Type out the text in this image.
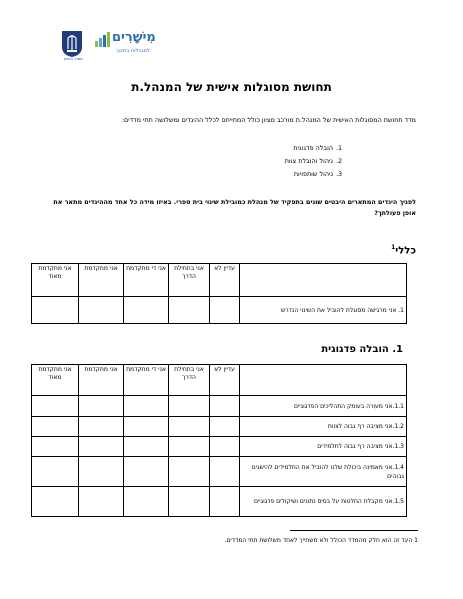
משרד החינוך
מִישָׁרִים
למנהלות בחינוך
תחושת מסוגלות אישית של המנהל.ת
מדד תחושת המסוגלות האישית של המנהל.ת מורכב מציון כולל המתייחס לכלל ההיגדים ומשלושה תתי מדדים:
1.הובלה פדגוגית
2.ניהול והובלת צוות
3.ניהול שותפויות
לפניך היגדים המתארים היבטים שונים בתפקיד של מנהלת כמובילת שינוי בית ספרי. באיזו מידה כל אחד מההיגדים מתאר את אופן פעולתך?
כללי$^1$
	עדיין לא	אני בתחילת הדרך	אני די מתקדמת	אני מתקדמת	אני מתקדמת מאוד
1. אני מרגישה מסוגלת להוביל את השינוי הנדרש					
1. הובלה פדגוגית
	עדיין לא	אני בתחילת הדרך	אני די מתקדמת	אני מתקדמת	אני מתקדמת מאוד
1.1.אני מעורה בעומק התהליכים הפדגוגיים					
1.2.אני מציבה רף גבוה לצוות					
1.3.אני מציבה רף גבוה לתלמידים					
1.4.אני מאמינה ביכולת שלנו להוביל את התלמידים להישגים גבוהים					
1.5.אני מקבלת החלטות על בסיס נתונים ושיקולים פדגוגיים					
1 היגד זה הוא חלק מהמדד הכולל ולא משתייך לאחד משלושת תתי המדדים.
